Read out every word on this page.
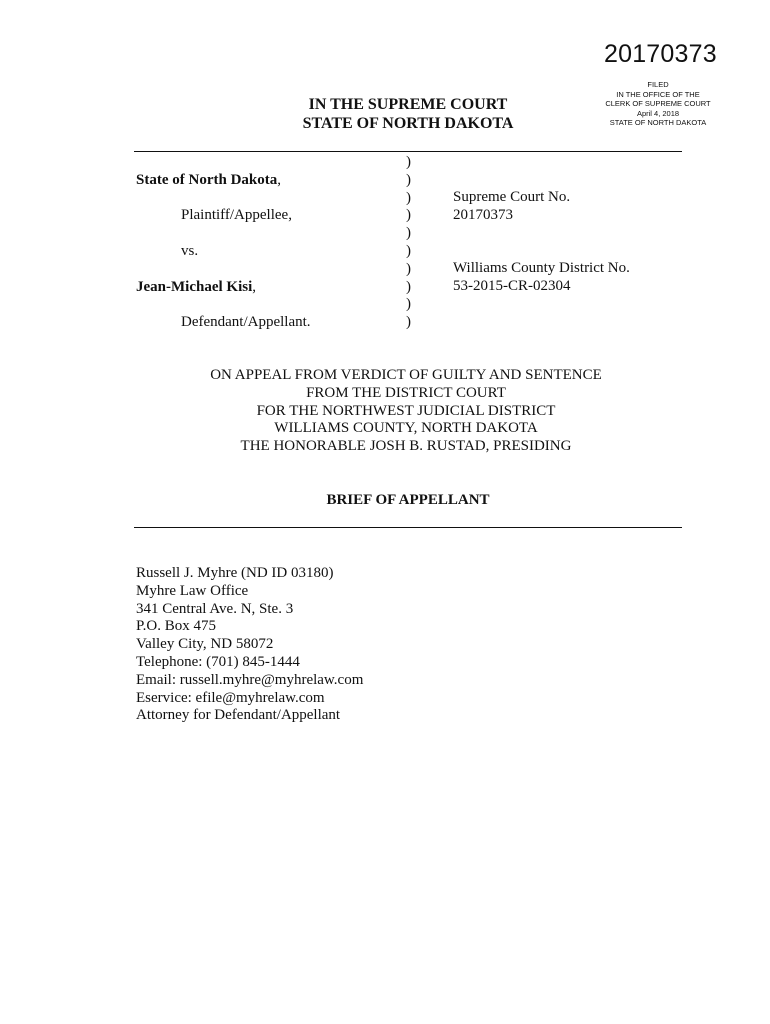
20170373
FILED
IN THE OFFICE OF THE
CLERK OF SUPREME COURT
April 4, 2018
STATE OF NORTH DAKOTA
IN THE SUPREME COURT
STATE OF NORTH DAKOTA
)
)
)
)
)
)
)
)
)
)
State of North Dakota,
Plaintiff/Appellee,
vs.
Jean-Michael Kisi,
Defendant/Appellant.
Supreme Court No.
20170373
Williams County District No.
53-2015-CR-02304
ON APPEAL FROM VERDICT OF GUILTY AND SENTENCE
FROM THE DISTRICT COURT
FOR THE NORTHWEST JUDICIAL DISTRICT
WILLIAMS COUNTY, NORTH DAKOTA
THE HONORABLE JOSH B. RUSTAD, PRESIDING
BRIEF OF APPELLANT
Russell J. Myhre (ND ID 03180)
Myhre Law Office
341 Central Ave. N, Ste. 3
P.O. Box 475
Valley City, ND 58072
Telephone: (701) 845-1444
Email: russell.myhre@myhrelaw.com
Eservice: efile@myhrelaw.com
Attorney for Defendant/Appellant
